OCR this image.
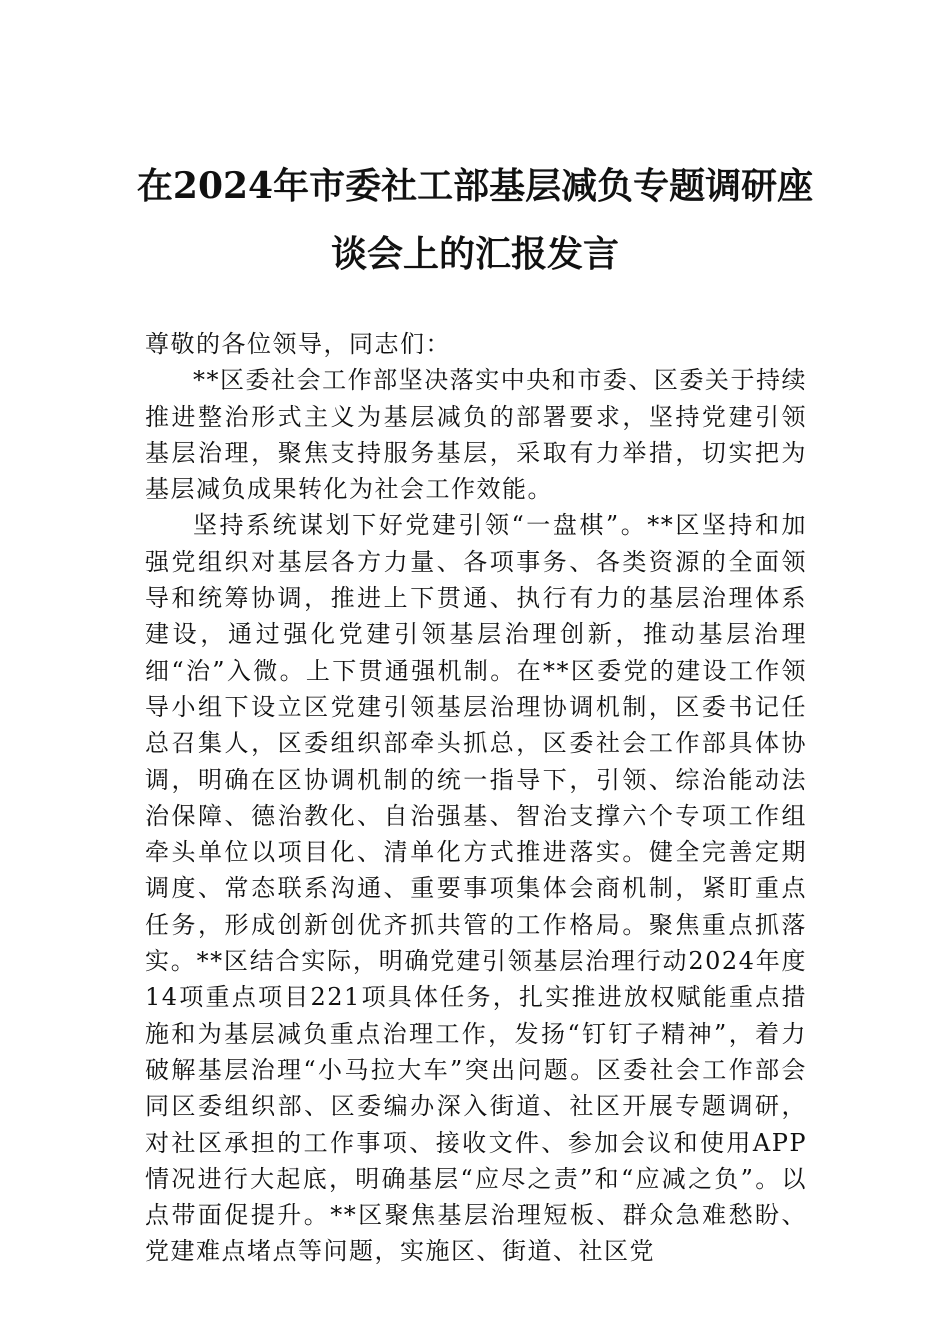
在2024年市委社工部基层减负专题调研座
谈会上的汇报发言

尊敬的各位领导，同志们：

**区委社会工作部坚决落实中央和市委、区委关于持续推进整治形式主义为基层减负的部署要求，坚持党建引领基层治理，聚焦支持服务基层，采取有力举措，切实把为基层减负成果转化为社会工作效能。

坚持系统谋划下好党建引领“一盘棋”。**区坚持和加强党组织对基层各方力量、各项事务、各类资源的全面领导和统筹协调，推进上下贯通、执行有力的基层治理体系建设，通过强化党建引领基层治理创新，推动基层治理细“治”入微。上下贯通强机制。在**区委党的建设工作领导小组下设立区党建引领基层治理协调机制，区委书记任总召集人，区委组织部牵头抓总，区委社会工作部具体协调，明确在区协调机制的统一指导下，引领、综治能动法治保障、德治教化、自治强基、智治支撑六个专项工作组牵头单位以项目化、清单化方式推进落实。健全完善定期调度、常态联系沟通、重要事项集体会商机制，紧盯重点任务，形成创新创优齐抓共管的工作格局。聚焦重点抓落实。**区结合实际，明确党建引领基层治理行动2024年度14项重点项目221项具体任务，扎实推进放权赋能重点措施和为基层减负重点治理工作，发扬“钉钉子精神”，着力破解基层治理“小马拉大车”突出问题。区委社会工作部会同区委组织部、区委编办深入街道、社区开展专题调研，对社区承担的工作事项、接收文件、参加会议和使用APP情况进行大起底，明确基层“应尽之责”和“应减之负”。以点带面促提升。**区聚焦基层治理短板、群众急难愁盼、党建难点堵点等问题，实施区、街道、社区党
